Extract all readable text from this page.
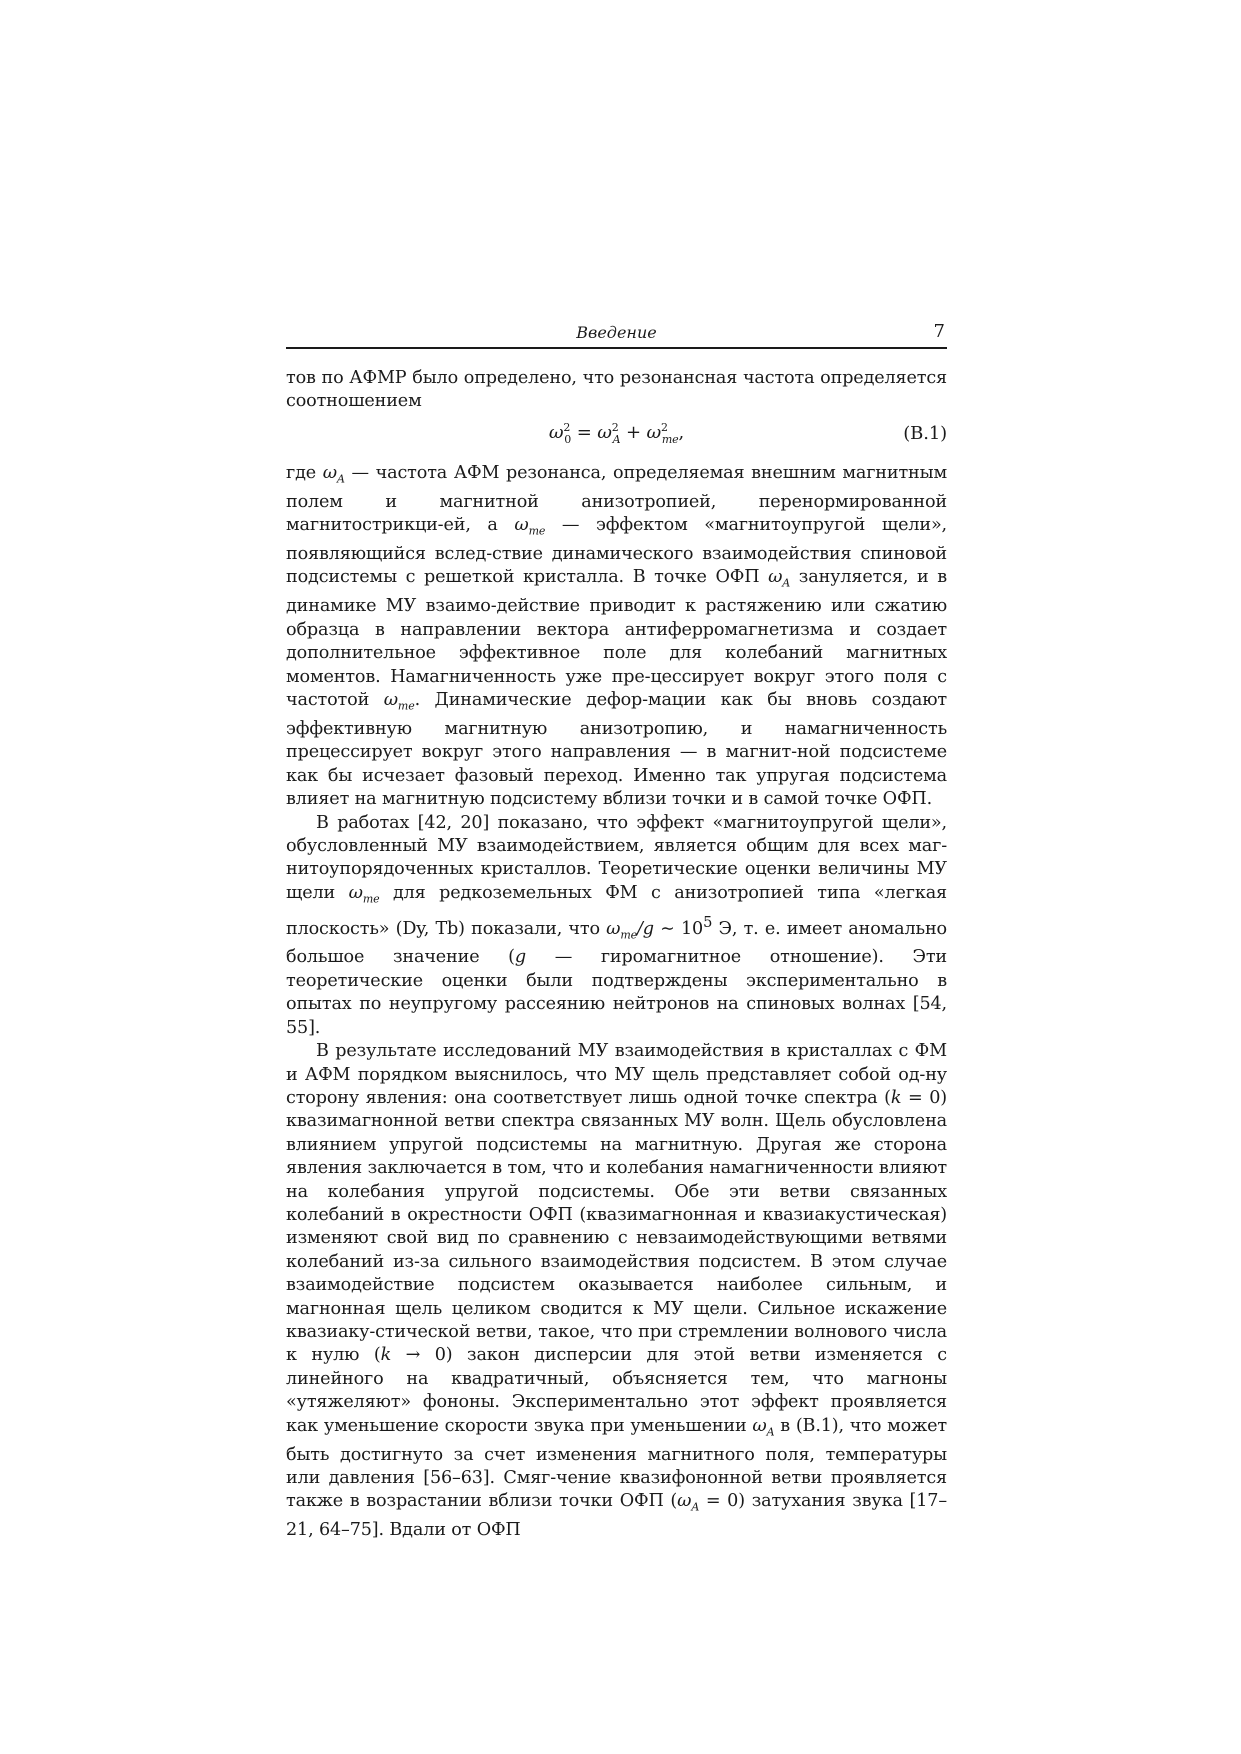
Введение	7

тов по АФМР было определено, что резонансная частота определяется соотношением

$\omega^2_0 = \omega^2_A + \omega^2_{me}$,	(B.1)

где $\omega_A$ — частота АФМ резонанса, определяемая внешним магнитным полем и магнитной анизотропией, перенормированной магнитострикци-ей, а $\omega_{me}$ — эффектом «магнитоупругой щели», появляющийся вслед-ствие динамического взаимодействия спиновой подсистемы с решеткой кристалла. В точке ОФП $\omega_A$ зануляется, и в динамике МУ взаимо-действие приводит к растяжению или сжатию образца в направлении вектора антиферромагнетизма и создает дополнительное эффективное поле для колебаний магнитных моментов. Намагниченность уже пре-цессирует вокруг этого поля с частотой $\omega_{me}$. Динамические дефор-мации как бы вновь создают эффективную магнитную анизотропию, и намагниченность прецессирует вокруг этого направления — в магнит-ной подсистеме как бы исчезает фазовый переход. Именно так упругая подсистема влияет на магнитную подсистему вблизи точки и в самой точке ОФП.

В работах [42, 20] показано, что эффект «магнитоупругой щели», обусловленный МУ взаимодействием, является общим для всех маг-нитоупорядоченных кристаллов. Теоретические оценки величины МУ щели $\omega_{me}$ для редкоземельных ФМ с анизотропией типа «легкая плоскость» (Dy, Tb) показали, что $\omega_{me}/g$ ∼ $10^5$ Э, т. е. имеет аномально большое значение (g — гиромагнитное отношение). Эти теоретические оценки были подтверждены экспериментально в опытах по неупругому рассеянию нейтронов на спиновых волнах [54, 55].

В результате исследований МУ взаимодействия в кристаллах с ФМ и АФМ порядком выяснилось, что МУ щель представляет собой од-ну сторону явления: она соответствует лишь одной точке спектра (k = 0) квазимагнонной ветви спектра связанных МУ волн. Щель обусловлена влиянием упругой подсистемы на магнитную. Другая же сторона явления заключается в том, что и колебания намагниченности влияют на колебания упругой подсистемы. Обе эти ветви связанных колебаний в окрестности ОФП (квазимагнонная и квазиакустическая) изменяют свой вид по сравнению с невзаимодействующими ветвями колебаний из-за сильного взаимодействия подсистем. В этом случае взаимодействие подсистем оказывается наиболее сильным, и магнонная щель целиком сводится к МУ щели. Сильное искажение квазиаку-стической ветви, такое, что при стремлении волнового числа к нулю (k → 0) закон дисперсии для этой ветви изменяется с линейного на квадратичный, объясняется тем, что магноны «утяжеляют» фононы. Экспериментально этот эффект проявляется как уменьшение скорости звука при уменьшении $\omega_A$ в (B.1), что может быть достигнуто за счет изменения магнитного поля, температуры или давления [56–63]. Смяг-чение квазифононной ветви проявляется также в возрастании вблизи точки ОФП $(\omega_A = 0)$ затухания звука [17–21, 64–75]. Вдали от ОФП
